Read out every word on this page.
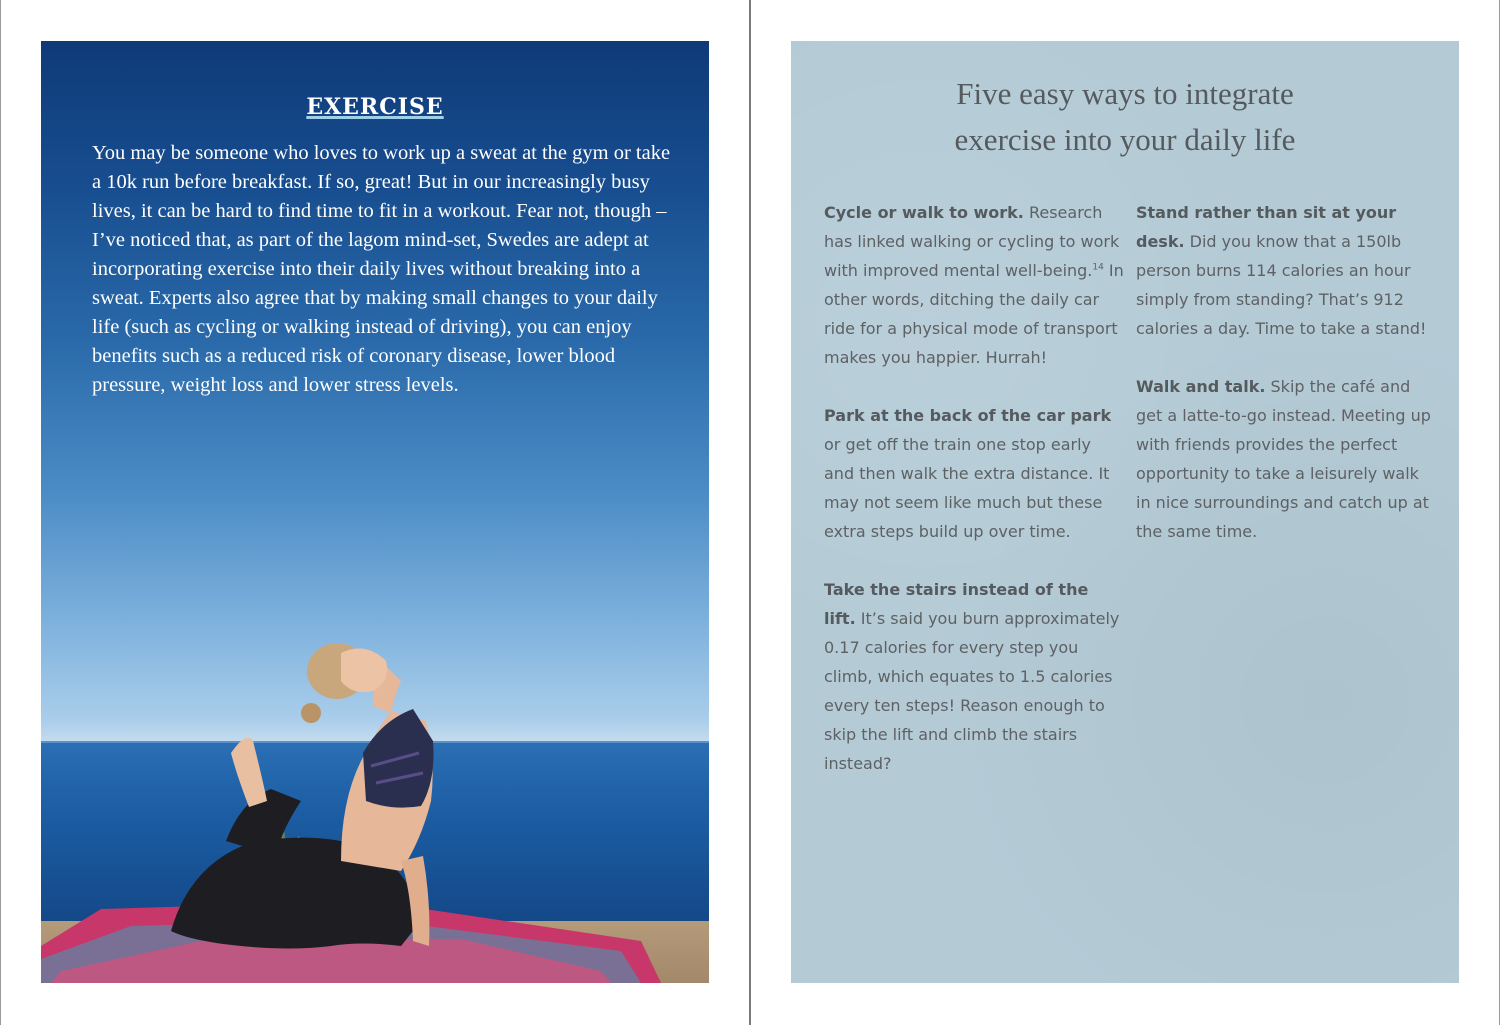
EXERCISE

You may be someone who loves to work up a sweat at the gym or take a 10k run before breakfast. If so, great! But in our increasingly busy lives, it can be hard to find time to fit in a workout. Fear not, though – I’ve noticed that, as part of the lagom mind-set, Swedes are adept at incorporating exercise into their daily lives without breaking into a sweat. Experts also agree that by making small changes to your daily life (such as cycling or walking instead of driving), you can enjoy benefits such as a reduced risk of coronary disease, lower blood pressure, weight loss and lower stress levels.

Five easy ways to integrate
exercise into your daily life

Cycle or walk to work. Research has linked walking or cycling to work with improved mental well-being.$^{14}$ In other words, ditching the daily car ride for a physical mode of transport makes you happier. Hurrah!

Park at the back of the car park or get off the train one stop early and then walk the extra distance. It may not seem like much but these extra steps build up over time.

Take the stairs instead of the lift. It’s said you burn approximately 0.17 calories for every step you climb, which equates to 1.5 calories every ten steps! Reason enough to skip the lift and climb the stairs instead?

Stand rather than sit at your desk. Did you know that a 150lb person burns 114 calories an hour simply from standing? That’s 912 calories a day. Time to take a stand!

Walk and talk. Skip the café and get a latte-to-go instead. Meeting up with friends provides the perfect opportunity to take a leisurely walk in nice surroundings and catch up at the same time.
